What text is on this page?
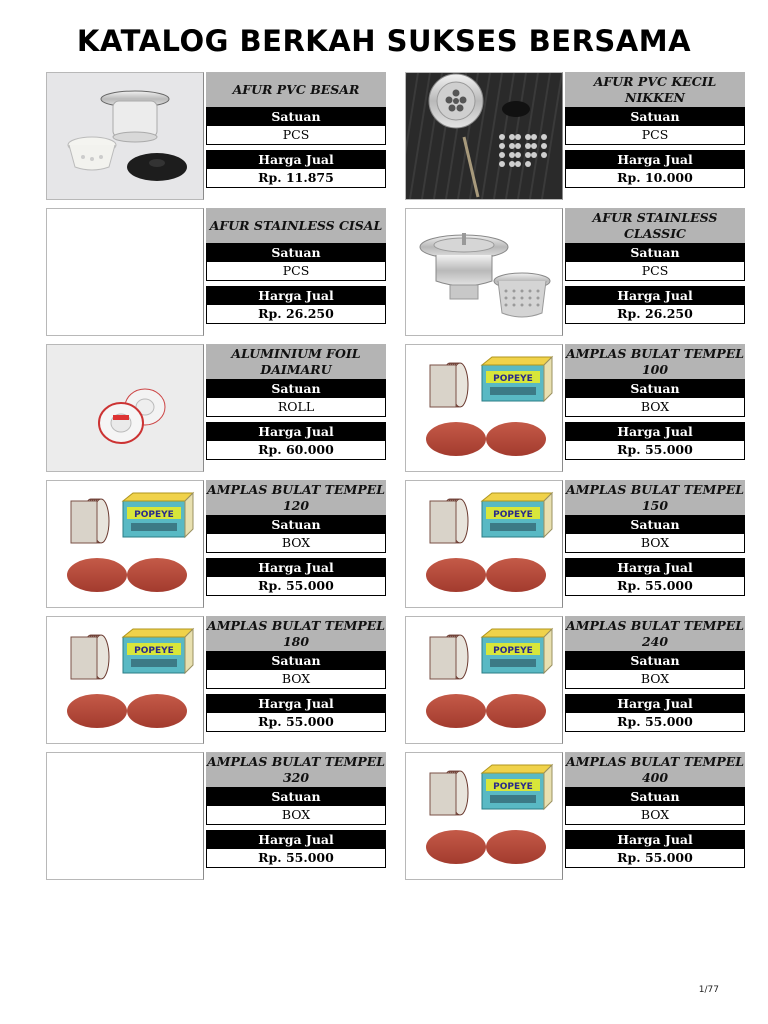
KATALOG BERKAH SUKSES BERSAMA
AFUR PVC BESAR
Satuan
PCS
Harga Jual
Rp. 11.875
AFUR PVC KECIL NIKKEN
Satuan
PCS
Harga Jual
Rp. 10.000
AFUR STAINLESS CISAL
Satuan
PCS
Harga Jual
Rp. 26.250
AFUR STAINLESS CLASSIC
Satuan
PCS
Harga Jual
Rp. 26.250
ALUMINIUM FOIL DAIMARU
Satuan
ROLL
Harga Jual
Rp. 60.000
POPEYE
AMPLAS BULAT TEMPEL 100
Satuan
BOX
Harga Jual
Rp. 55.000
POPEYE
AMPLAS BULAT TEMPEL 120
Satuan
BOX
Harga Jual
Rp. 55.000
POPEYE
AMPLAS BULAT TEMPEL 150
Satuan
BOX
Harga Jual
Rp. 55.000
POPEYE
AMPLAS BULAT TEMPEL 180
Satuan
BOX
Harga Jual
Rp. 55.000
POPEYE
AMPLAS BULAT TEMPEL 240
Satuan
BOX
Harga Jual
Rp. 55.000
AMPLAS BULAT TEMPEL 320
Satuan
BOX
Harga Jual
Rp. 55.000
POPEYE
AMPLAS BULAT TEMPEL 400
Satuan
BOX
Harga Jual
Rp. 55.000
1/77
